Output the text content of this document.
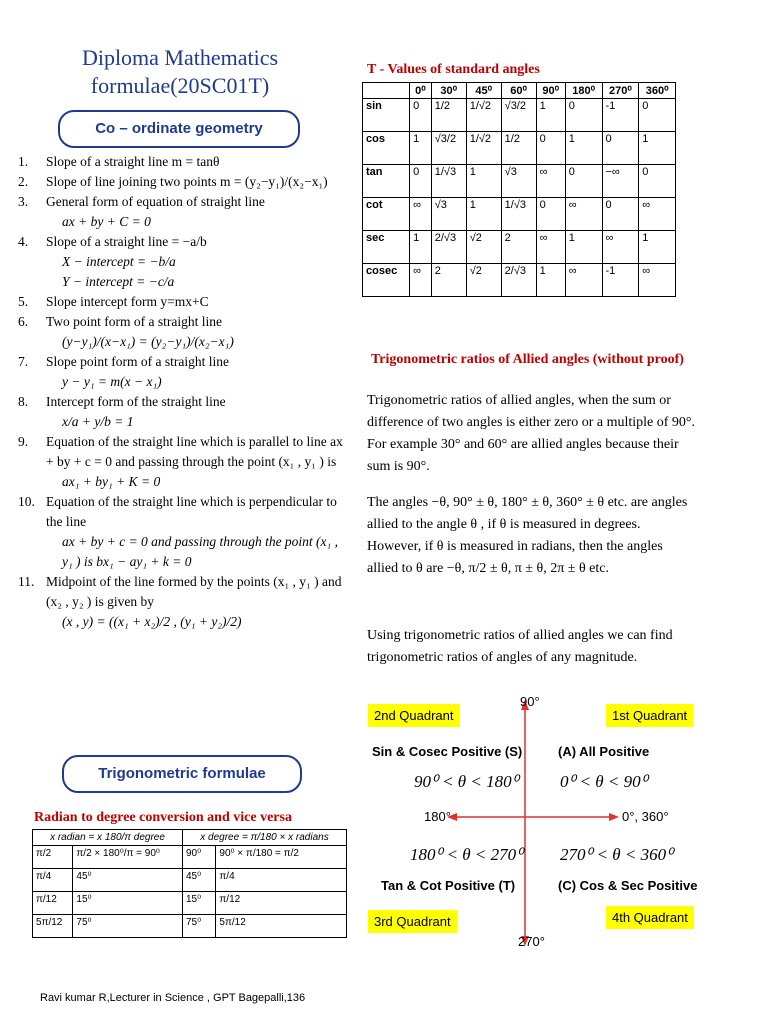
Diploma Mathematics formulae(20SC01T)
Co – ordinate geometry
Trigonometric formulae
1. Slope of a straight line m = tanθ
2. Slope of line joining two points m = (y₂−y₁)/(x₂−x₁)
3. General form of equation of straight line
ax + by + C = 0
4. Slope of a straight line = −a/b
X − intercept = −b/a
Y − intercept = −c/a
5. Slope intercept form y=mx+C
6. Two point form of a straight line
(y−y₁)/(x−x₁) = (y₂−y₁)/(x₂−x₁)
7. Slope point form of a straight line
y − y₁ = m(x − x₁)
8. Intercept form of the straight line
x/a + y/b = 1
9. Equation of the straight line which is parallel to line ax + by + c = 0 and passing through the point (x₁ , y₁ ) is
ax₁ + by₁ + K = 0
10. Equation of the straight line which is perpendicular to the line
ax + by + c = 0 and passing through the point (x₁ , y₁ ) is bx₁ − ay₁ + k = 0
11. Midpoint of the line formed by the points (x₁ , y₁ ) and (x₂ , y₂ ) is given by
(x , y) = ((x₁ + x₂)/2 , (y₁ + y₂)/2)
T - Values of standard angles
	0⁰	30⁰	45⁰	60⁰	90⁰	180⁰	270⁰	360⁰
sin	0	1/2	1/√2	√3/2	1	0	-1	0
cos	1	√3/2	1/√2	1/2	0	1	0	1
tan	0	1/√3	1	√3	∞	0	−∞	0
cot	∞	√3	1	1/√3	0	∞	0	∞
sec	1	2/√3	√2	2	∞	1	∞	1
cosec	∞	2	√2	2/√3	1	∞	-1	∞
Trigonometric ratios of Allied angles (without proof)
Trigonometric ratios of allied angles, when the sum or difference of two angles is either zero or a multiple of 90°. For example 30° and 60° are allied angles because their sum is 90°.
The angles −θ, 90° ± θ, 180° ± θ, 360° ± θ etc. are angles allied to the angle θ , if θ is measured in degrees. However, if θ is measured in radians, then the angles allied to θ are −θ, π/2 ± θ, π ± θ, 2π ± θ etc.
Using trigonometric ratios of allied angles we can find trigonometric ratios of angles of any magnitude.
90°
270°
180°	0°, 360°
2nd Quadrant	1st Quadrant
3rd Quadrant	4th Quadrant
Sin & Cosec Positive (S)	(A) All Positive
Tan & Cot Positive (T)	(C) Cos & Sec Positive
90⁰ < θ < 180⁰ 0⁰ < θ < 90⁰
180⁰ < θ < 270⁰ 270⁰ < θ < 360⁰
Radian to degree conversion and vice versa
x radian = x 180/π degree		x degree = π/180 × x radians	
π/2	π/2 × 180⁰/π = 90⁰	90⁰	90⁰ × π/180 = π/2
π/4	45⁰	45⁰	π/4
π/12	15⁰	15⁰	π/12
5π/12	75⁰	75⁰	5π/12
Ravi kumar R,Lecturer in Science , GPT Bagepalli,136
